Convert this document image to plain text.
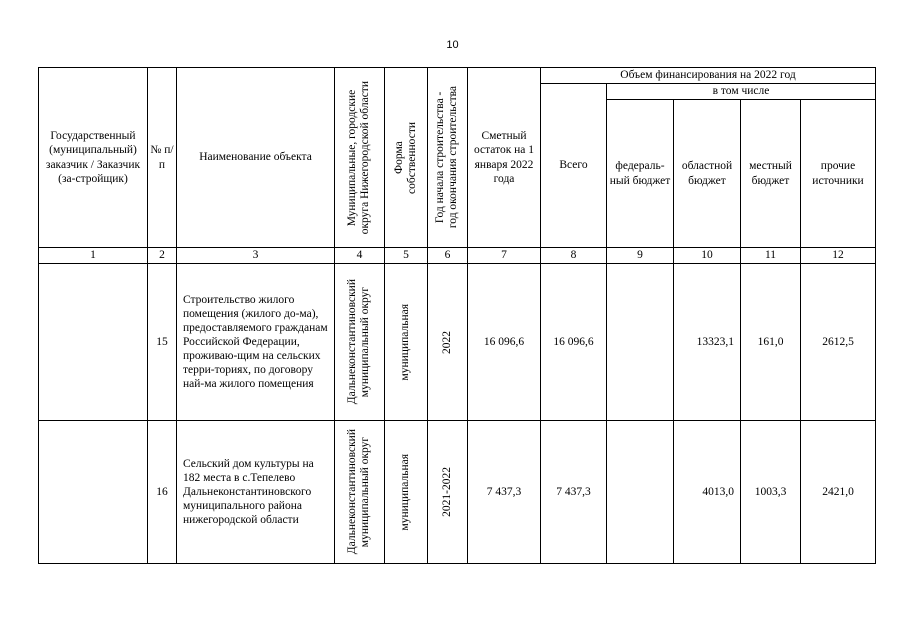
10
Государственный (муниципальный) заказчик / Заказчик (за-стройщик)	№ п/п	Наименование объекта	Муниципальные, городские
округа Нижегородской области	Форма
собственности	Год начала строительства -
год окончания строительства	Сметный остаток на 1 января 2022 года	Объем финансирования на 2022 год				
							Всего	в том числе			
								федераль-ный бюджет	областной бюджет	местный бюджет	прочие источники
1	2	3	4	5	6	7	8	9	10	11	12
	15	Строительство жилого помещения (жилого до-ма), предоставляемого гражданам Российской Федерации, проживаю-щим на сельских терри-ториях, по договору най-ма жилого помещения	Дальнеконстантиновский
муниципальный округ	муниципальная	2022	16 096,6	16 096,6		13323,1	161,0	2612,5
	16	Сельский дом культуры на 182 места в с.Тепелево Дальнеконстантиновского муниципального района нижегородской области	Дальнеконстантиновский
муниципальный округ	муниципальная	2021-2022	7 437,3	7 437,3		4013,0	1003,3	2421,0
